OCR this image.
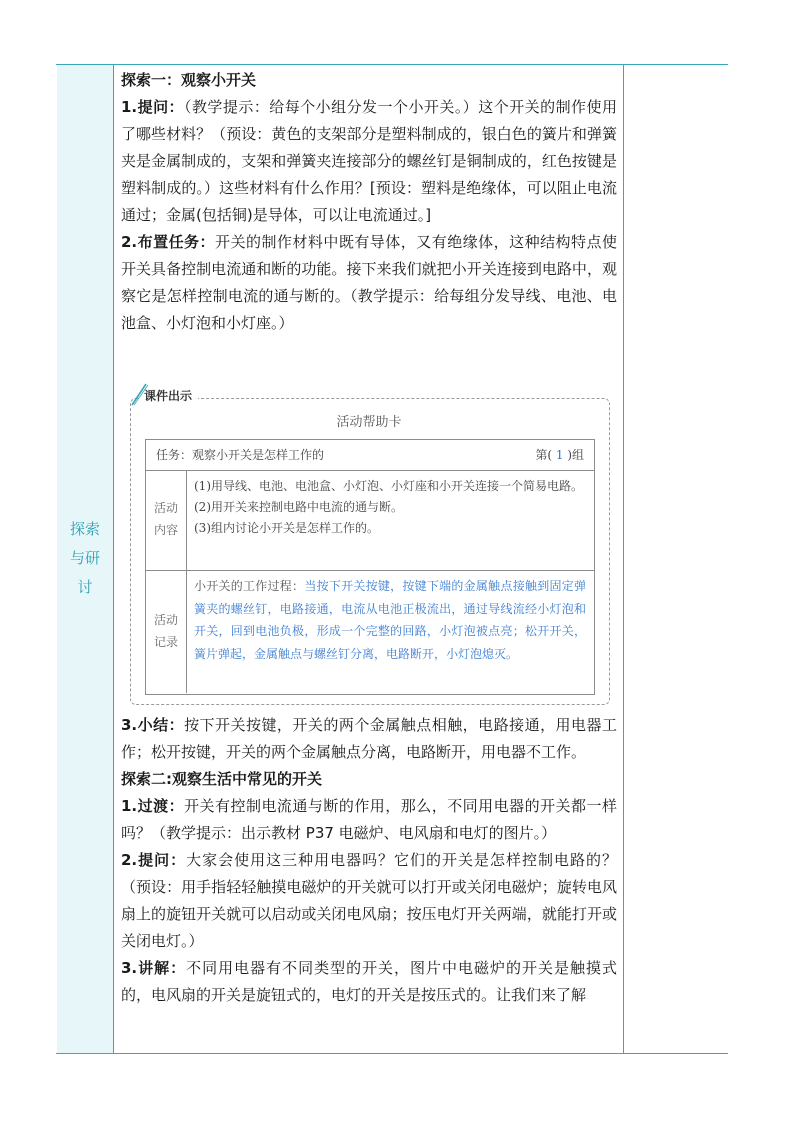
探索
与研
讨

探索一：观察小开关

1.提问：（教学提示：给每个小组分发一个小开关。）这个开关的制作使用了哪些材料？（预设：黄色的支架部分是塑料制成的，银白色的簧片和弹簧夹是金属制成的，支架和弹簧夹连接部分的螺丝钉是铜制成的，红色按键是塑料制成的。）这些材料有什么作用？[预设：塑料是绝缘体，可以阻止电流通过；金属(包括铜)是导体，可以让电流通过。]

2.布置任务：开关的制作材料中既有导体，又有绝缘体，这种结构特点使开关具备控制电流通和断的功能。接下来我们就把小开关连接到电路中，观察它是怎样控制电流的通与断的。（教学提示：给每组分发导线、电池、电池盒、小灯泡和小灯座。）

课件出示
活动帮助卡
任务：观察小开关是怎样工作的	第( 1 )组
活动
内容
(1)用导线、电池、电池盒、小灯泡、小灯座和小开关连接一个简易电路。
(2)用开关来控制电路中电流的通与断。
(3)组内讨论小开关是怎样工作的。
活动
记录
小开关的工作过程：当按下开关按键，按键下端的金属触点接触到固定弹簧夹的螺丝钉，电路接通，电流从电池正极流出，通过导线流经小灯泡和开关，回到电池负极，形成一个完整的回路，小灯泡被点亮；松开开关，簧片弹起，金属触点与螺丝钉分离，电路断开，小灯泡熄灭。

3.小结：按下开关按键，开关的两个金属触点相触，电路接通，用电器工作；松开按键，开关的两个金属触点分离，电路断开，用电器不工作。

探索二:观察生活中常见的开关

1.过渡：开关有控制电流通与断的作用，那么，不同用电器的开关都一样吗？（教学提示：出示教材 P37 电磁炉、电风扇和电灯的图片。）

2.提问：大家会使用这三种用电器吗？它们的开关是怎样控制电路的？（预设：用手指轻轻触摸电磁炉的开关就可以打开或关闭电磁炉；旋转电风扇上的旋钮开关就可以启动或关闭电风扇；按压电灯开关两端，就能打开或关闭电灯。）

3.讲解：不同用电器有不同类型的开关，图片中电磁炉的开关是触摸式的，电风扇的开关是旋钮式的，电灯的开关是按压式的。让我们来了解
